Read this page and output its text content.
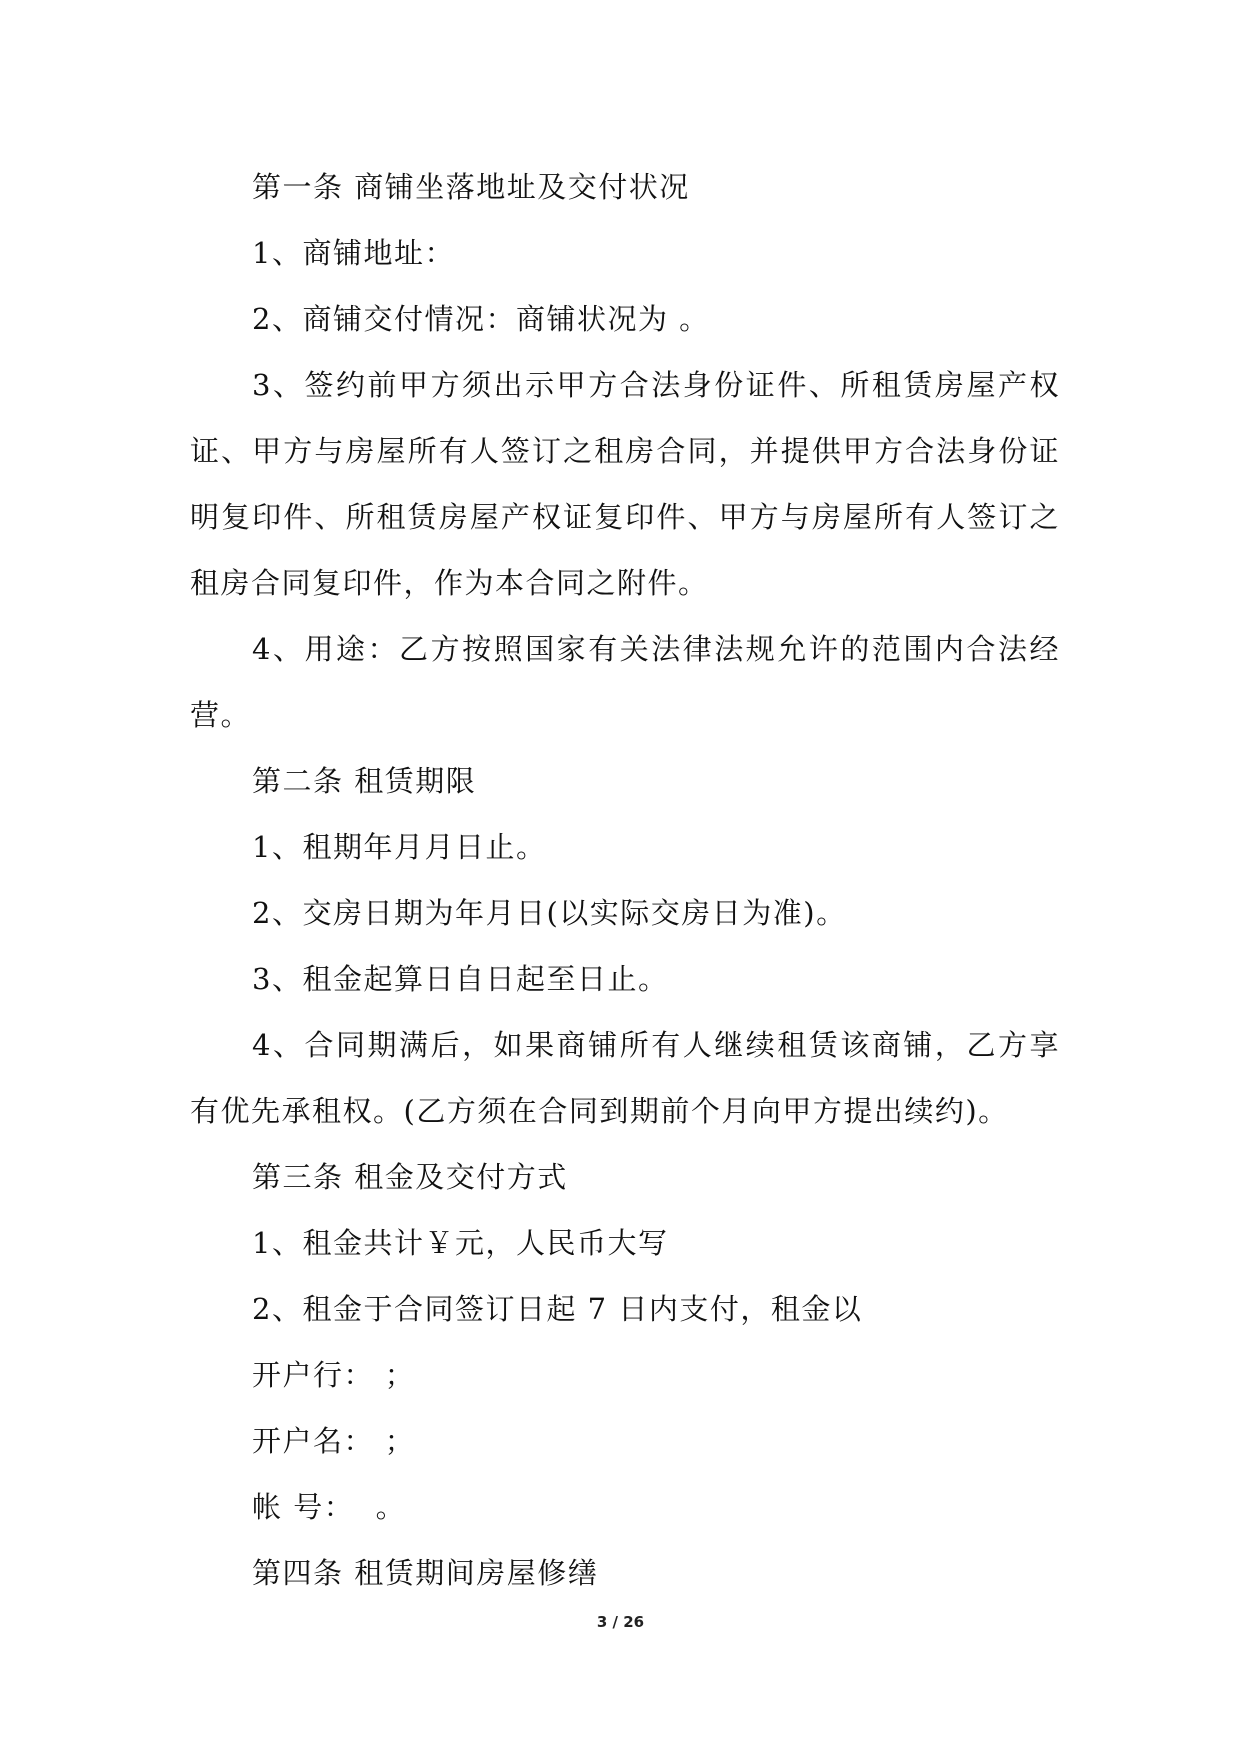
第一条 商铺坐落地址及交付状况

1、商铺地址：

2、商铺交付情况：商铺状况为 。

3、签约前甲方须出示甲方合法身份证件、所租赁房屋产权证、甲方与房屋所有人签订之租房合同，并提供甲方合法身份证明复印件、所租赁房屋产权证复印件、甲方与房屋所有人签订之租房合同复印件，作为本合同之附件。

4、用途：乙方按照国家有关法律法规允许的范围内合法经营。

第二条 租赁期限

1、租期年月月日止。

2、交房日期为年月日(以实际交房日为准)。

3、租金起算日自日起至日止。

4、合同期满后，如果商铺所有人继续租赁该商铺，乙方享有优先承租权。(乙方须在合同到期前个月向甲方提出续约)。

第三条 租金及交付方式

1、租金共计￥元，人民币大写

2、租金于合同签订日起 7 日内支付，租金以

开户行： ；

开户名： ；

帐 号：  。

第四条 租赁期间房屋修缮

3 / 26
